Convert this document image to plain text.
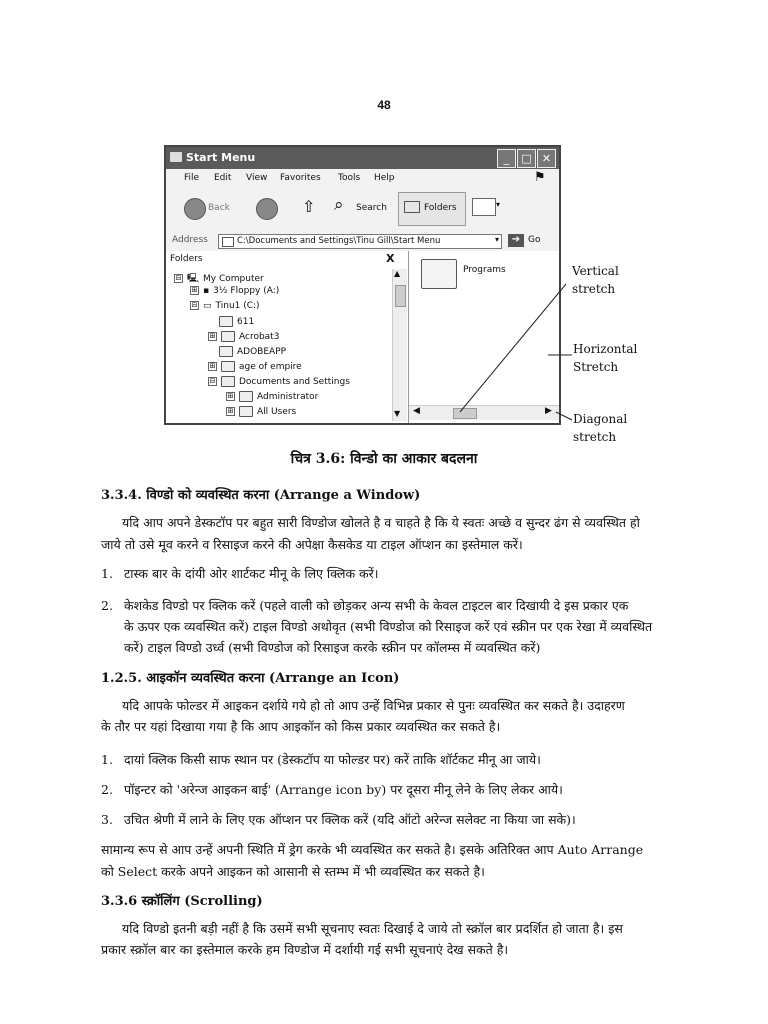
48
Start Menu	_	□ ✕
File Edit View Favorites Tools Help	⚑
Back	⇧ ⌕ Search	Folders	▾
Address	C:\Documents and Settings\Tinu Gill\Start Menu	▾	➔ Go
Folders	X
⊟ 🖳 My Computer
⊞ ▪ 3½ Floppy (A:)
⊟ ▭ Tinu1 (C:)
611
⊞	Acrobat3
ADOBEAPP
⊞	age of empire
⊟	Documents and Settings
⊞	Administrator
⊞	All Users
▲
▼
Programs
◀	▶
Vertical
stretch
Horizontal
Stretch
Diagonal
stretch
चित्र 3.6: विन्डो का आकार बदलना
3.3.4. विण्डो को व्यवस्थित करना (Arrange a Window)
यदि आप अपने डेस्कटॉप पर बहुत सारी विण्डोज खोलते है व चाहते है कि ये स्वतः अच्छे व सुन्दर ढंग से व्यवस्थित हो
जाये तो उसे मूव करने व रिसाइज करने की अपेक्षा कैसकेड या टाइल ऑप्शन का इस्तेमाल करें।
1. टास्क बार के दांयी ओर शार्टकट मीनू के लिए क्लिक करें।
2. केशकेड विण्डो पर क्लिक करें (पहले वाली को छोड़कर अन्य सभी के केवल टाइटल बार दिखायी दे इस प्रकार एक
के ऊपर एक व्यवस्थित करें) टाइल विण्डो अथोवृत (सभी विण्डोज को रिसाइज करें एवं स्क्रीन पर एक रेखा में व्यवस्थित
करें) टाइल विण्डो उर्ध्व (सभी विण्डोज को रिसाइज करके स्क्रीन पर कॉलम्स में व्यवस्थित करें)
1.2.5. आइकॉन व्यवस्थित करना (Arrange an Icon)
यदि आपके फोल्डर में आइकन दर्शाये गये हो तो आप उन्हें विभिन्न प्रकार से पुनः व्यवस्थित कर सकते है। उदाहरण
के तौर पर यहां दिखाया गया है कि आप आइकॉन को किस प्रकार व्यवस्थित कर सकते है।
1. दायां क्लिक किसी साफ स्थान पर (डेस्कटॉप या फोल्डर पर) करें ताकि शॉर्टकट मीनू आ जाये।
2. पॉइन्टर को 'अरेन्ज आइकन बाई' (Arrange icon by) पर दूसरा मीनू लेने के लिए लेकर आये।
3. उचित श्रेणी में लाने के लिए एक ऑप्शन पर क्लिक करें (यदि ऑटो अरेन्ज सलेक्ट ना किया जा सके)।
सामान्य रूप से आप उन्हें अपनी स्थिति में ड्रेग करके भी व्यवस्थित कर सकते है। इसके अतिरिक्त आप Auto Arrange
को Select करके अपने आइकन को आसानी से स्तम्भ में भी व्यवस्थित कर सकते है।
3.3.6 स्क्रॉलिंग (Scrolling)
यदि विण्डो इतनी बड़ी नहीं है कि उसमें सभी सूचनाए स्वतः दिखाई दे जाये तो स्क्रॉल बार प्रदर्शित हो जाता है। इस
प्रकार स्क्रॉल बार का इस्तेमाल करके हम विण्डोज में दर्शायी गई सभी सूचनाएं देख सकते है।
